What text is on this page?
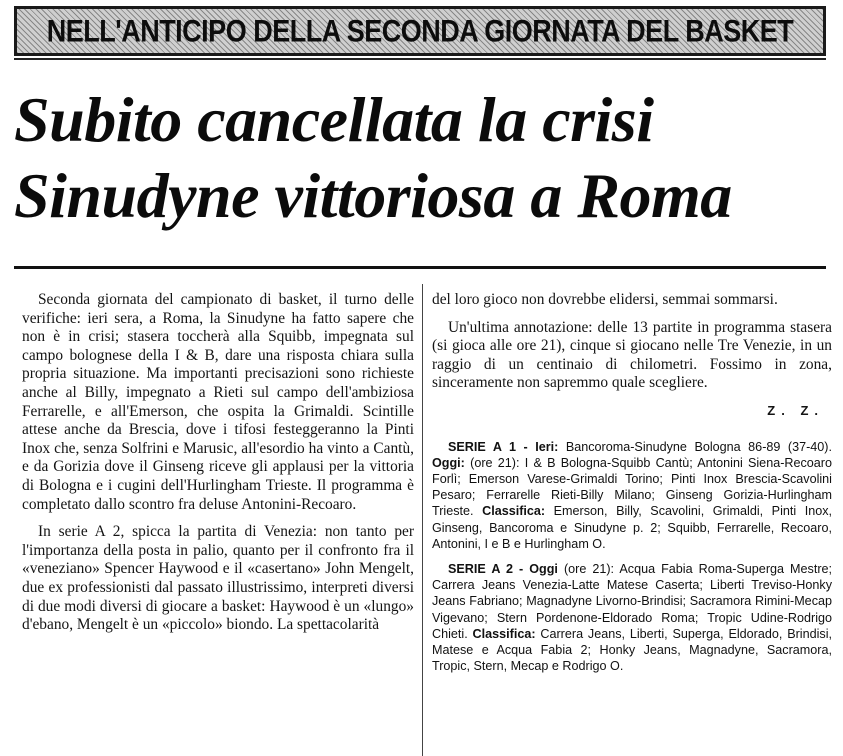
NELL'ANTICIPO DELLA SECONDA GIORNATA DEL BASKET
Subito cancellata la crisi
Sinudyne vittoriosa a Roma

Seconda giornata del campionato di basket, il turno delle verifiche: ieri sera, a Roma, la Sinudyne ha fatto sapere che non è in crisi; stasera toccherà alla Squibb, impegnata sul campo bolognese della I & B, dare una risposta chiara sulla propria situazione. Ma importanti precisazioni sono richieste anche al Billy, impegnato a Rieti sul campo dell'ambiziosa Ferrarelle, e all'Emerson, che ospita la Grimaldi. Scintille attese anche da Brescia, dove i tifosi festeggeranno la Pinti Inox che, senza Solfrini e Marusic, all'esordio ha vinto a Cantù, e da Gorizia dove il Ginseng riceve gli applausi per la vittoria di Bologna e i cugini dell'Hurlingham Trieste. Il programma è completato dallo scontro fra deluse Antonini-Recoaro.

In serie A 2, spicca la partita di Venezia: non tanto per l'importanza della posta in palio, quanto per il confronto fra il «veneziano» Spencer Haywood e il «casertano» John Mengelt, due ex professionisti dal passato illustrissimo, interpreti diversi di due modi diversi di giocare a basket: Haywood è un «lungo» d'ebano, Mengelt è un «piccolo» biondo. La spettacolarità

del loro gioco non dovrebbe elidersi, semmai sommarsi.

Un'ultima annotazione: delle 13 partite in programma stasera (si gioca alle ore 21), cinque si giocano nelle Tre Venezie, in un raggio di un centinaio di chilometri. Fossimo in zona, sinceramente non sapremmo quale scegliere.

Z. Z.

SERIE A 1 - Ieri: Bancoroma-Sinudyne Bologna 86-89 (37-40). Oggi: (ore 21): I & B Bologna-Squibb Cantù; Antonini Siena-Recoaro Forlì; Emerson Varese-Grimaldi Torino; Pinti Inox Brescia-Scavolini Pesaro; Ferrarelle Rieti-Billy Milano; Ginseng Gorizia-Hurlingham Trieste. Classifica: Emerson, Billy, Scavolini, Grimaldi, Pinti Inox, Ginseng, Bancoroma e Sinudyne p. 2; Squibb, Ferrarelle, Recoaro, Antonini, I e B e Hurlingham O.

SERIE A 2 - Oggi (ore 21): Acqua Fabia Roma-Superga Mestre; Carrera Jeans Venezia-Latte Matese Caserta; Liberti Treviso-Honky Jeans Fabriano; Magnadyne Livorno-Brindisi; Sacramora Rimini-Mecap Vigevano; Stern Pordenone-Eldorado Roma; Tropic Udine-Rodrigo Chieti. Classifica: Carrera Jeans, Liberti, Superga, Eldorado, Brindisi, Matese e Acqua Fabia 2; Honky Jeans, Magnadyne, Sacramora, Tropic, Stern, Mecap e Rodrigo O.
